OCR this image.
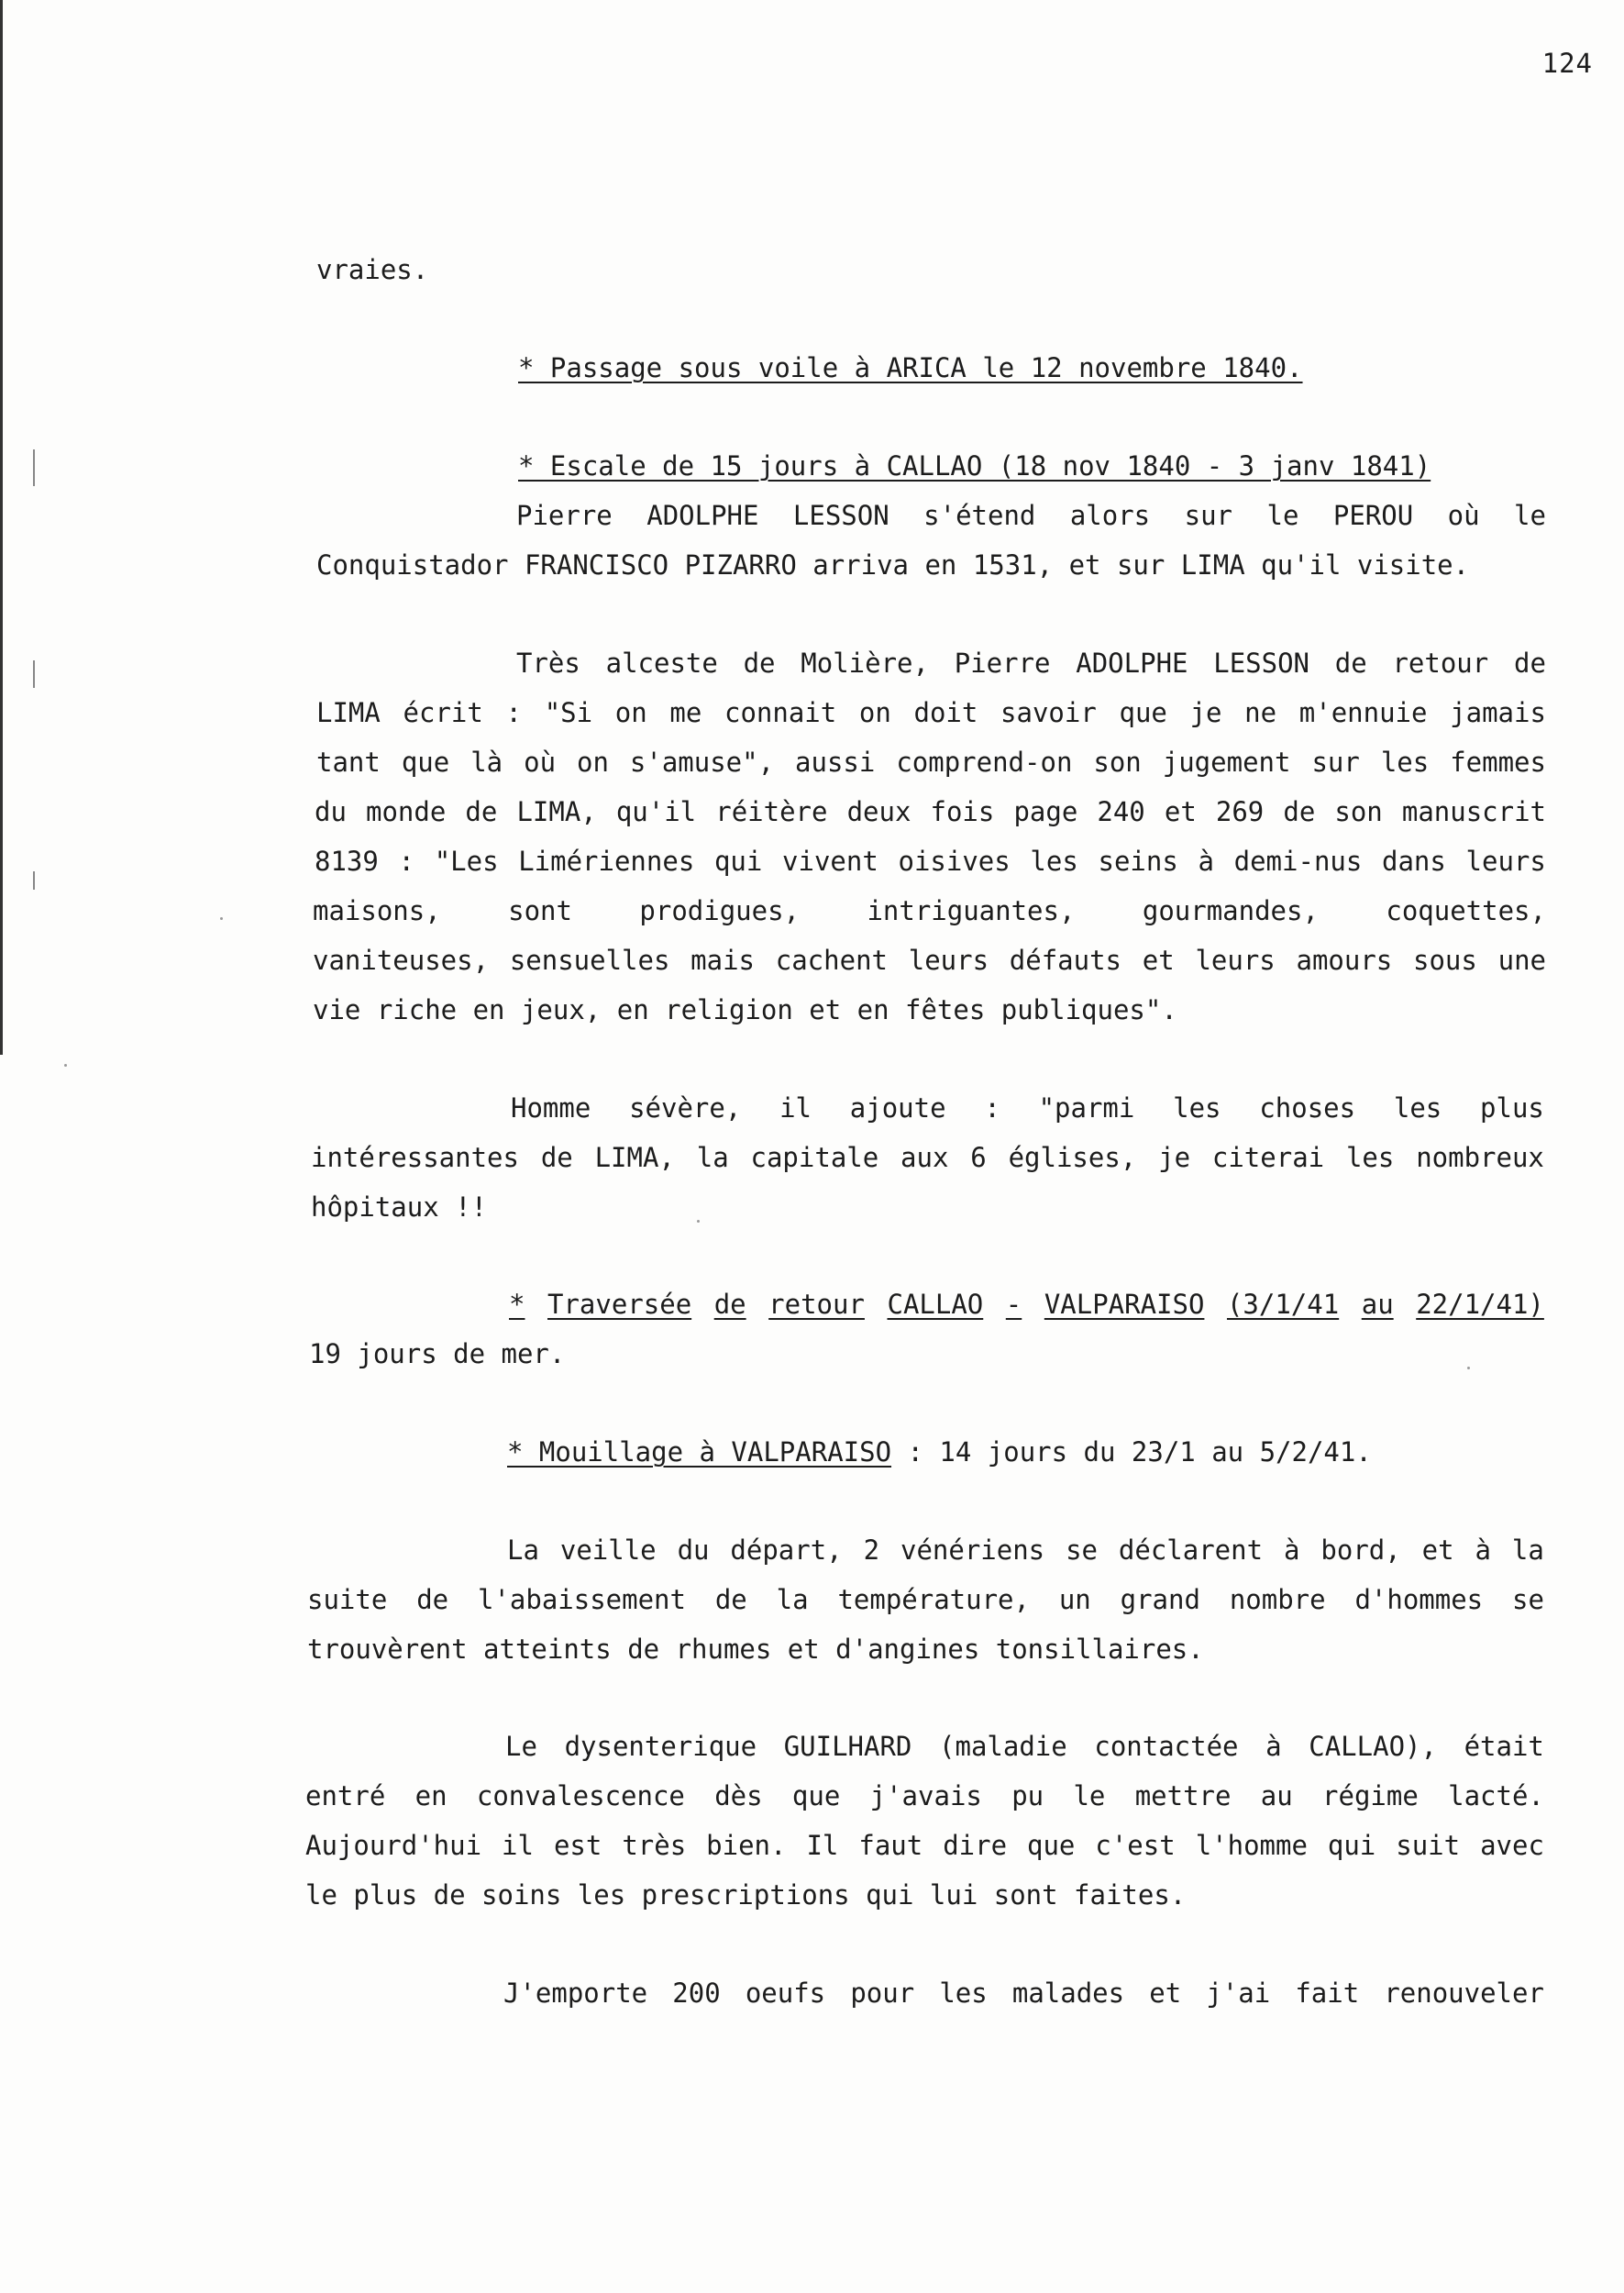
124
vraies.
* Passage sous voile à ARICA le 12 novembre 1840.
* Escale de 15 jours à CALLAO (18 nov 1840 - 3 janv 1841)
Pierre ADOLPHE LESSON s'étend alors sur le PEROU où le
Conquistador FRANCISCO PIZARRO arriva en 1531, et sur LIMA qu'il visite.
Très alceste de Molière, Pierre ADOLPHE LESSON de retour de
LIMA écrit : "Si on me connait on doit savoir que je ne m'ennuie jamais
tant que là où on s'amuse", aussi comprend-on son jugement sur les femmes
du monde de LIMA, qu'il réitère deux fois page 240 et 269 de son manuscrit
8139 : "Les Limériennes qui vivent oisives les seins à demi-nus dans leurs
maisons,	sont	prodigues,	intriguantes,	gourmandes,	coquettes,
vaniteuses, sensuelles mais cachent leurs défauts et leurs amours sous une
vie riche en jeux, en religion et en fêtes publiques".
Homme sévère, il ajoute : "parmi les choses les plus
intéressantes de LIMA, la capitale aux 6 églises, je citerai les nombreux
hôpitaux !!
* Traversée de retour CALLAO - VALPARAISO (3/1/41 au 22/1/41)
19 jours de mer.
* Mouillage à VALPARAISO : 14 jours du 23/1 au 5/2/41.
La veille du départ, 2 vénériens se déclarent à bord, et à la
suite de l'abaissement de la température, un grand nombre d'hommes se
trouvèrent atteints de rhumes et d'angines tonsillaires.
Le dysenterique GUILHARD (maladie contactée à CALLAO), était
entré en convalescence dès que j'avais pu le mettre au régime lacté.
Aujourd'hui il est très bien. Il faut dire que c'est l'homme qui suit avec
le plus de soins les prescriptions qui lui sont faites.
J'emporte 200 oeufs pour les malades et j'ai fait renouveler
